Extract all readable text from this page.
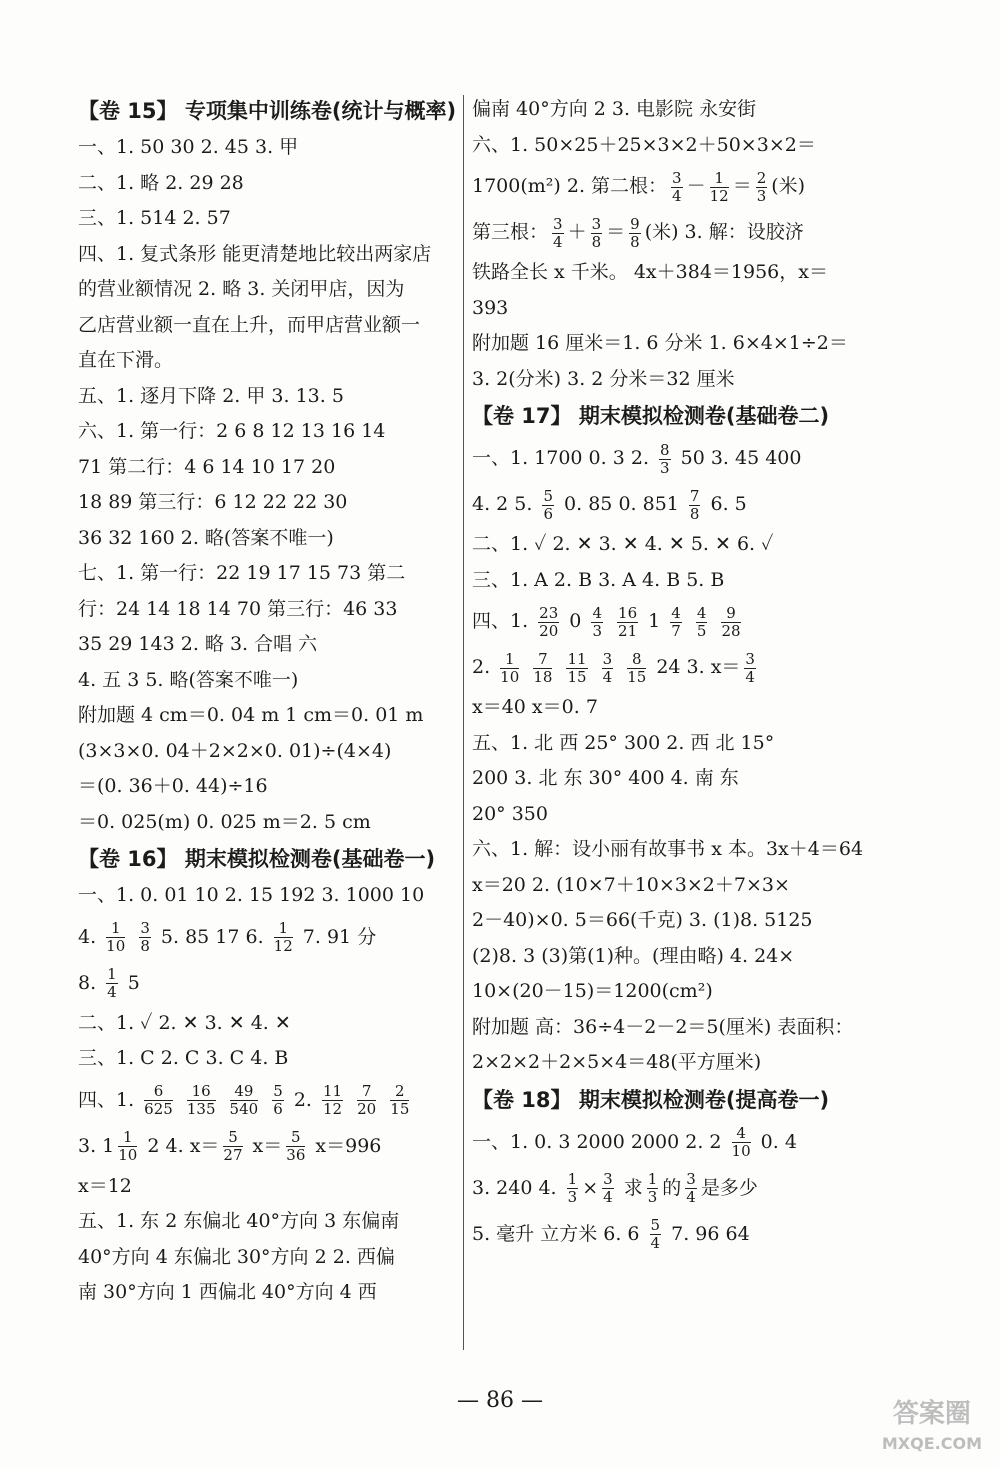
【卷 15】 专项集中训练卷(统计与概率)
一、1. 50 30 2. 45 3. 甲
二、1. 略 2. 29 28
三、1. 514 2. 57
四、1. 复式条形 能更清楚地比较出两家店
的营业额情况 2. 略 3. 关闭甲店，因为
乙店营业额一直在上升，而甲店营业额一
直在下滑。
五、1. 逐月下降 2. 甲 3. 13. 5
六、1. 第一行：2 6 8 12 13 16 14
71 第二行：4 6 14 10 17 20
18 89 第三行：6 12 22 22 30
36 32 160 2. 略(答案不唯一)
七、1. 第一行：22 19 17 15 73 第二
行：24 14 18 14 70 第三行：46 33
35 29 143 2. 略 3. 合唱 六
4. 五 3 5. 略(答案不唯一)
附加题 4 cm＝0. 04 m 1 cm＝0. 01 m
(3×3×0. 04＋2×2×0. 01)÷(4×4)
＝(0. 36＋0. 44)÷16
＝0. 025(m) 0. 025 m＝2. 5 cm
【卷 16】 期末模拟检测卷(基础卷一)
一、1. 0. 01 10 2. 15 192 3. 1000 10
4. $\frac{1}{10}$
$\frac{3}{8} 5$. 85 17 6. $\frac{1}{12} 7$. 91 分
8. $\frac{1}{4} 5$
二、1. ✓ 2. ✕ 3. ✕ 4. ✕
三、1. C 2. C 3. C 4. B
四、1. $\frac{6}{625}$
$\frac{16}{135}$
$\frac{49}{540}$
$\frac{5}{6} 2$. $\frac{11}{12}$
$\frac{7}{20}$
$\frac{2}{15}$
3. $1 \frac{1}{10} 2$ 4. $x= \frac{5}{27} x= \frac{5}{36} x=996$
x＝12
五、1. 东 2 东偏北 40°方向 3 东偏南
40°方向 4 东偏北 30°方向 2 2. 西偏
南 30°方向 1 西偏北 40°方向 4 西
偏南 40°方向 2 3. 电影院 永安街
六、1. 50×25＋25×3×2＋50×3×2＝
1700(m²) 2. 第二根： $\frac{3}{4} - \frac{1}{12} = \frac{2}{3}$ (米)
第三根： $\frac{3}{4} + \frac{3}{8} = \frac{9}{8}$ (米) 3. 解：设胶济
铁路全长 x 千米。 4x＋384＝1956，x＝
393
附加题 16 厘米＝1. 6 分米 1. 6×4×1÷2＝
3. 2(分米) 3. 2 分米＝32 厘米
【卷 17】 期末模拟检测卷(基础卷二)
一、1. 1700 0. 3 2. $\frac{8}{3} 50$ 3. 45 400
4. 2 5. $\frac{5}{6} 0$. 85 0. $851 \frac{7}{8} 6$. 5
二、1. ✓ 2. ✕ 3. ✕ 4. ✕ 5. ✕ 6. ✓
三、1. A 2. B 3. A 4. B 5. B
四、1. $\frac{23}{20} 0 \frac{4}{3}$
$\frac{16}{21} 1 \frac{4}{7}$
$\frac{4}{5}$
$\frac{9}{28}$
2. $\frac{1}{10}$
$\frac{7}{18}$
$\frac{11}{15}$
$\frac{3}{4}$
$\frac{8}{15} 24$ 3. $x= \frac{3}{4}$
x＝40 x＝0. 7
五、1. 北 西 25° 300 2. 西 北 15°
200 3. 北 东 30° 400 4. 南 东
20° 350
六、1. 解：设小丽有故事书 x 本。3x＋4＝64
x＝20 2. (10×7＋10×3×2＋7×3×
2－40)×0. 5＝66(千克) 3. (1)8. 5125
(2)8. 3 (3)第(1)种。(理由略) 4. 24×
10×(20－15)＝1200(cm²)
附加题 高：36÷4－2－2＝5(厘米) 表面积：
2×2×2＋2×5×4＝48(平方厘米)
【卷 18】 期末模拟检测卷(提高卷一)
一、1. 0. 3 2000 2000 2. $2 \frac{4}{10} 0$. 4
3. 240 4. $\frac{1}{3} \times \frac{3}{4}$ 求 $\frac{1}{3}$ 的 $\frac{3}{4}$ 是多少
5. 毫升 立方米 6. $6 \frac{5}{4} 7$. 96 64
— 86 —	答案圈
MXQE.COM
